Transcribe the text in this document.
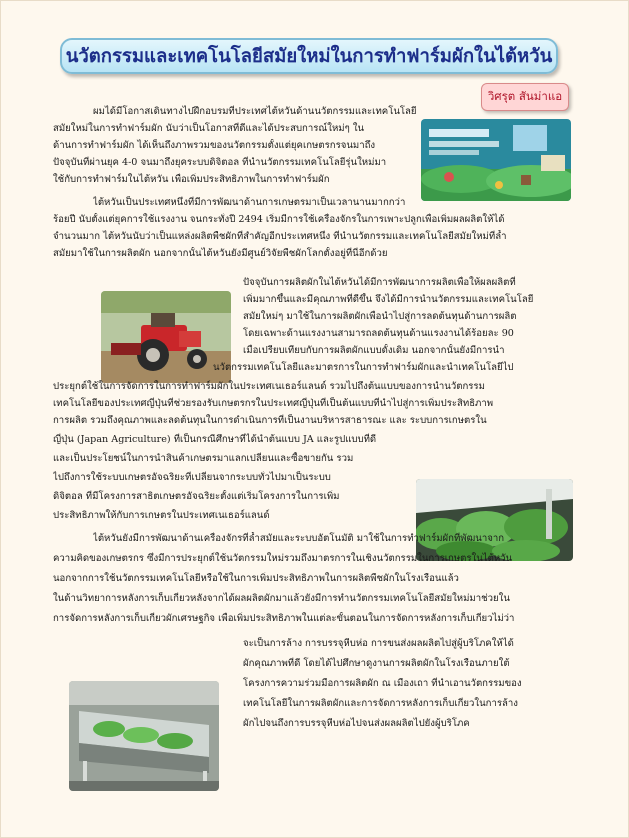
นวัตกรรมและเทคโนโลยีสมัยใหม่ในการทำฟาร์มผักในไต้หวัน
วิศรุต สันม่าแอ
ผมได้มีโอกาสเดินทางไปฝึกอบรมที่ประเทศไต้หวันด้านนวัตกรรมและเทคโนโลยี
สมัยใหม่ในการทำฟาร์มผัก นับว่าเป็นโอกาสที่ดีและได้ประสบการณ์ใหม่ๆ ใน
ด้านการทำฟาร์มผัก ได้เห็นถึงภาพรวมของนวัตกรรมตั้งแต่ยุคเกษตรกรจนมาถึง
ปัจจุบันที่ผ่านยุค 4-0 จนมาถึงยุคระบบดิจิตอล ที่นำนวัตกรรมเทคโนโลยีรุ่นใหม่มา
ใช้กับการทำฟาร์มในไต้หวัน เพื่อเพิ่มประสิทธิภาพในการทำฟาร์มผัก
ไต้หวันเป็นประเทศหนึ่งที่มีการพัฒนาด้านการเกษตรมาเป็นเวลานานมากกว่า
ร้อยปี นับตั้งแต่ยุคการใช้แรงงาน จนกระทั่งปี 2494 เริ่มมีการใช้เครื่องจักรในการเพาะปลูกเพื่อเพิ่มผลผลิตให้ได้
จำนวนมาก ไต้หวันนับว่าเป็นแหล่งผลิตพืชผักที่สำคัญอีกประเทศหนึ่ง ที่นำนวัตกรรมและเทคโนโลยีสมัยใหม่ที่ล้ำ
สมัยมาใช้ในการผลิตผัก นอกจากนั้นไต้หวันยังมีศูนย์วิจัยพืชผักโลกตั้งอยู่ที่นี่อีกด้วย
ปัจจุบันการผลิตผักในไต้หวันได้มีการพัฒนาการผลิตเพื่อให้ผลผลิตที่
เพิ่มมากขึ้นและมีคุณภาพที่ดีขึ้น จึงได้มีการนำนวัตกรรมและเทคโนโลยี
สมัยใหม่ๆ มาใช้ในการผลิตผักเพื่อนำไปสู่การลดต้นทุนด้านการผลิต
โดยเฉพาะด้านแรงงานสามารถลดต้นทุนด้านแรงงานได้ร้อยละ 90
เมื่อเปรียบเทียบกับการผลิตผักแบบดั้งเดิม นอกจากนั้นยังมีการนำ
นวัตกรรมเทคโนโลยีและมาตรการในการทำฟาร์มผักและนำเทคโนโลยีไป
ประยุกต์ใช้ในการจัดการในการทำฟาร์มผักในประเทศเนเธอร์แลนด์ รวมไปถึงต้นแบบของการนำนวัตกรรม
เทคโนโลยีของประเทศญี่ปุ่นที่ช่วยรองรับเกษตรกรในประเทศญี่ปุ่นที่เป็นต้นแบบที่นำไปสู่การเพิ่มประสิทธิภาพ
การผลิต รวมถึงคุณภาพและลดต้นทุนในการดำเนินการที่เป็นงานบริหารสาธารณะ และ ระบบการเกษตรใน
ญี่ปุ่น (Japan Agriculture) ที่เป็นกรณีศึกษาที่ได้นำต้นแบบ JA และรูปแบบที่ดี
และเป็นประโยชน์ในการนำสินค้าเกษตรมาแลกเปลี่ยนและซื้อขายกัน รวม
ไปถึงการใช้ระบบเกษตรอัจฉริยะที่เปลี่ยนจากระบบทั่วไปมาเป็นระบบ
ดิจิตอล ที่มีโครงการสาธิตเกษตรอัจฉริยะตั้งแต่เริ่มโครงการในการเพิ่ม
ประสิทธิภาพให้กับการเกษตรในประเทศเนเธอร์แลนด์
ไต้หวันยังมีการพัฒนาด้านเครื่องจักรที่ล้ำสมัยและระบบอัตโนมัติ มาใช้ในการทำฟาร์มผักที่พัฒนาจาก
ความคิดของเกษตรกร ซึ่งมีการประยุกต์ใช้นวัตกรรมใหม่รวมถึงมาตรการในเชิงนวัตกรรมในการเกษตรในไต้หวัน
นอกจากการใช้นวัตกรรมเทคโนโลยีหรือใช้ในการเพิ่มประสิทธิภาพในการผลิตพืชผักในโรงเรือนแล้ว
ในด้านวิทยาการหลังการเก็บเกี่ยวหลังจากได้ผลผลิตผักมาแล้วยังมีการทำนวัตกรรมเทคโนโลยีสมัยใหม่มาช่วยใน
การจัดการหลังการเก็บเกี่ยวผักเศรษฐกิจ เพื่อเพิ่มประสิทธิภาพในแต่ละขั้นตอนในการจัดการหลังการเก็บเกี่ยวไม่ว่า
จะเป็นการล้าง การบรรจุหีบห่อ การขนส่งผลผลิตไปสู่ผู้บริโภคให้ได้
ผักคุณภาพที่ดี โดยได้ไปศึกษาดูงานการผลิตผักในโรงเรือนภายใต้
โครงการความร่วมมือการผลิตผัก ณ เมืองเถา ที่นำเอานวัตกรรมของ
เทคโนโลยีในการผลิตผักและการจัดการหลังการเก็บเกี่ยวในการล้าง
ผักไปจนถึงการบรรจุหีบห่อไปจนส่งผลผลิตไปยังผู้บริโภค
